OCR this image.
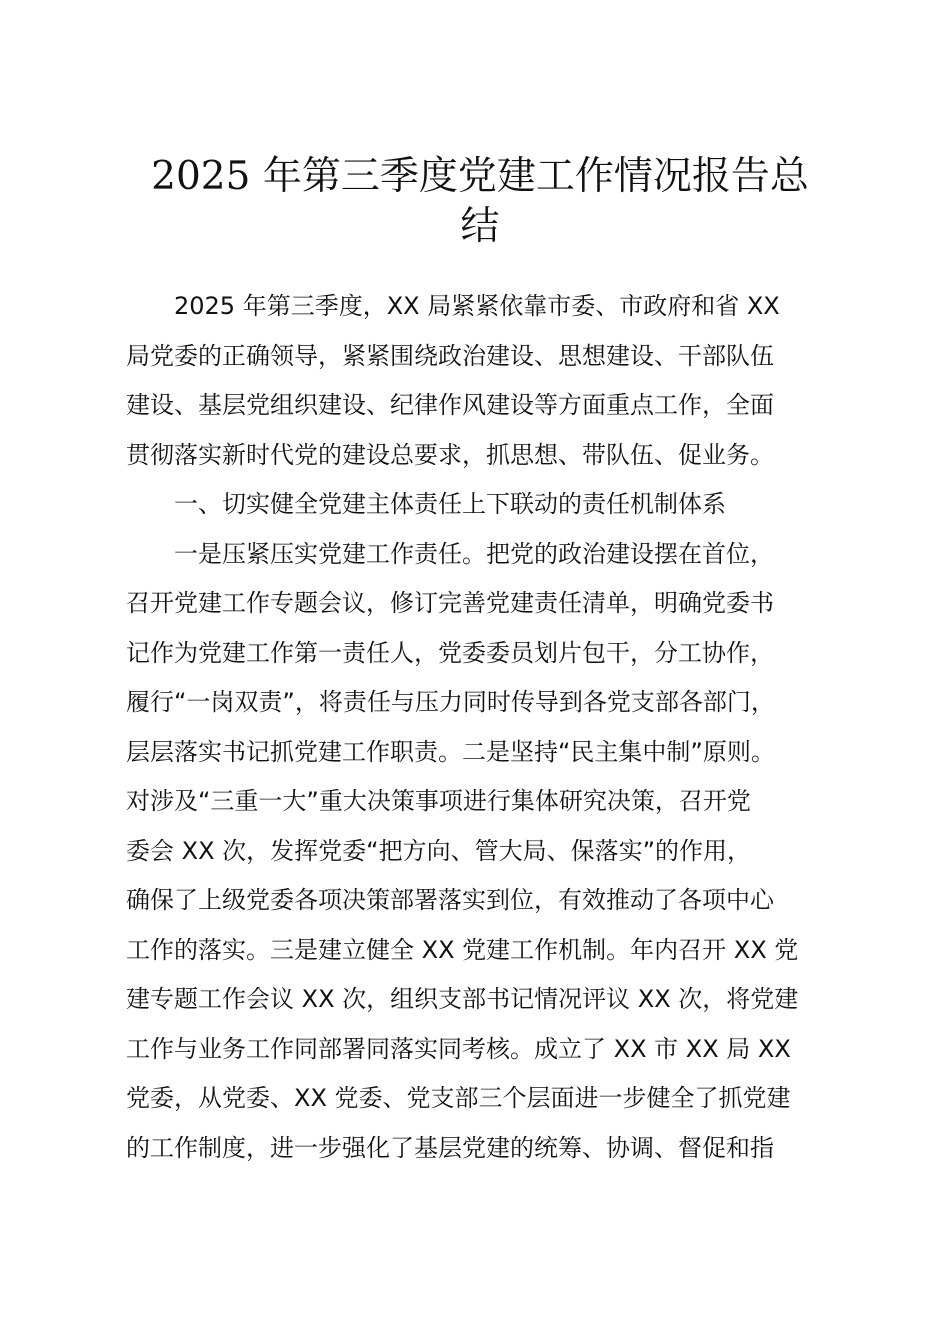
2025 年第三季度党建工作情况报告总
结
　　2025 年第三季度，XX 局紧紧依靠市委、市政府和省 XX
局党委的正确领导，紧紧围绕政治建设、思想建设、干部队伍
建设、基层党组织建设、纪律作风建设等方面重点工作，全面
贯彻落实新时代党的建设总要求，抓思想、带队伍、促业务。
　　一、切实健全党建主体责任上下联动的责任机制体系
　　一是压紧压实党建工作责任。把党的政治建设摆在首位，
召开党建工作专题会议，修订完善党建责任清单，明确党委书
记作为党建工作第一责任人，党委委员划片包干，分工协作，
履行“一岗双责”，将责任与压力同时传导到各党支部各部门，
层层落实书记抓党建工作职责。二是坚持“民主集中制”原则。
对涉及“三重一大”重大决策事项进行集体研究决策，召开党
委会 XX 次，发挥党委“把方向、管大局、保落实”的作用，
确保了上级党委各项决策部署落实到位，有效推动了各项中心
工作的落实。三是建立健全 XX 党建工作机制。年内召开 XX 党
建专题工作会议 XX 次，组织支部书记情况评议 XX 次，将党建
工作与业务工作同部署同落实同考核。成立了 XX 市 XX 局 XX
党委，从党委、XX 党委、党支部三个层面进一步健全了抓党建
的工作制度，进一步强化了基层党建的统筹、协调、督促和指
